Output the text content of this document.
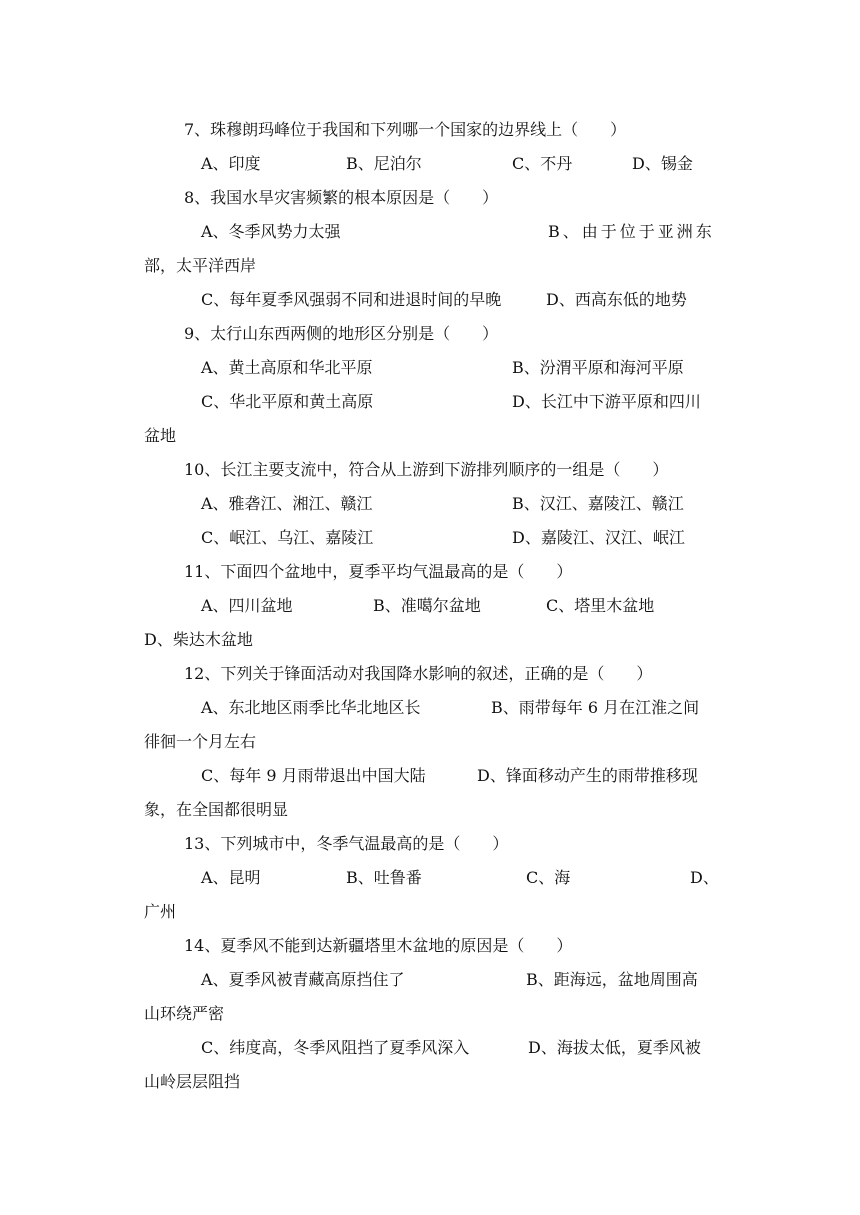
7、珠穆朗玛峰位于我国和下列哪一个国家的边界线上（　　）
A、印度	B、尼泊尔	C、不丹	D、锡金
8、我国水旱灾害频繁的根本原因是（　　）
A、冬季风势力太强	B、由于位于亚洲东
部，太平洋西岸
C、每年夏季风强弱不同和进退时间的早晚	D、西高东低的地势
9、太行山东西两侧的地形区分别是（　　）
A、黄土高原和华北平原	B、汾渭平原和海河平原
C、华北平原和黄土高原	D、长江中下游平原和四川
盆地
10、长江主要支流中，符合从上游到下游排列顺序的一组是（　　）
A、雅砻江、湘江、赣江	B、汉江、嘉陵江、赣江
C、岷江、乌江、嘉陵江	D、嘉陵江、汉江、岷江
11、下面四个盆地中，夏季平均气温最高的是（　　）
A、四川盆地	B、准噶尔盆地	C、塔里木盆地
D、柴达木盆地
12、下列关于锋面活动对我国降水影响的叙述，正确的是（　　）
A、东北地区雨季比华北地区长	B、雨带每年 6 月在江淮之间
徘徊一个月左右
C、每年 9 月雨带退出中国大陆	D、锋面移动产生的雨带推移现
象，在全国都很明显
13、下列城市中，冬季气温最高的是（　　）
A、昆明	B、吐鲁番	C、海	D、
广州
14、夏季风不能到达新疆塔里木盆地的原因是（　　）
A、夏季风被青藏高原挡住了	B、距海远，盆地周围高
山环绕严密
C、纬度高，冬季风阻挡了夏季风深入	D、海拔太低，夏季风被
山岭层层阻挡
